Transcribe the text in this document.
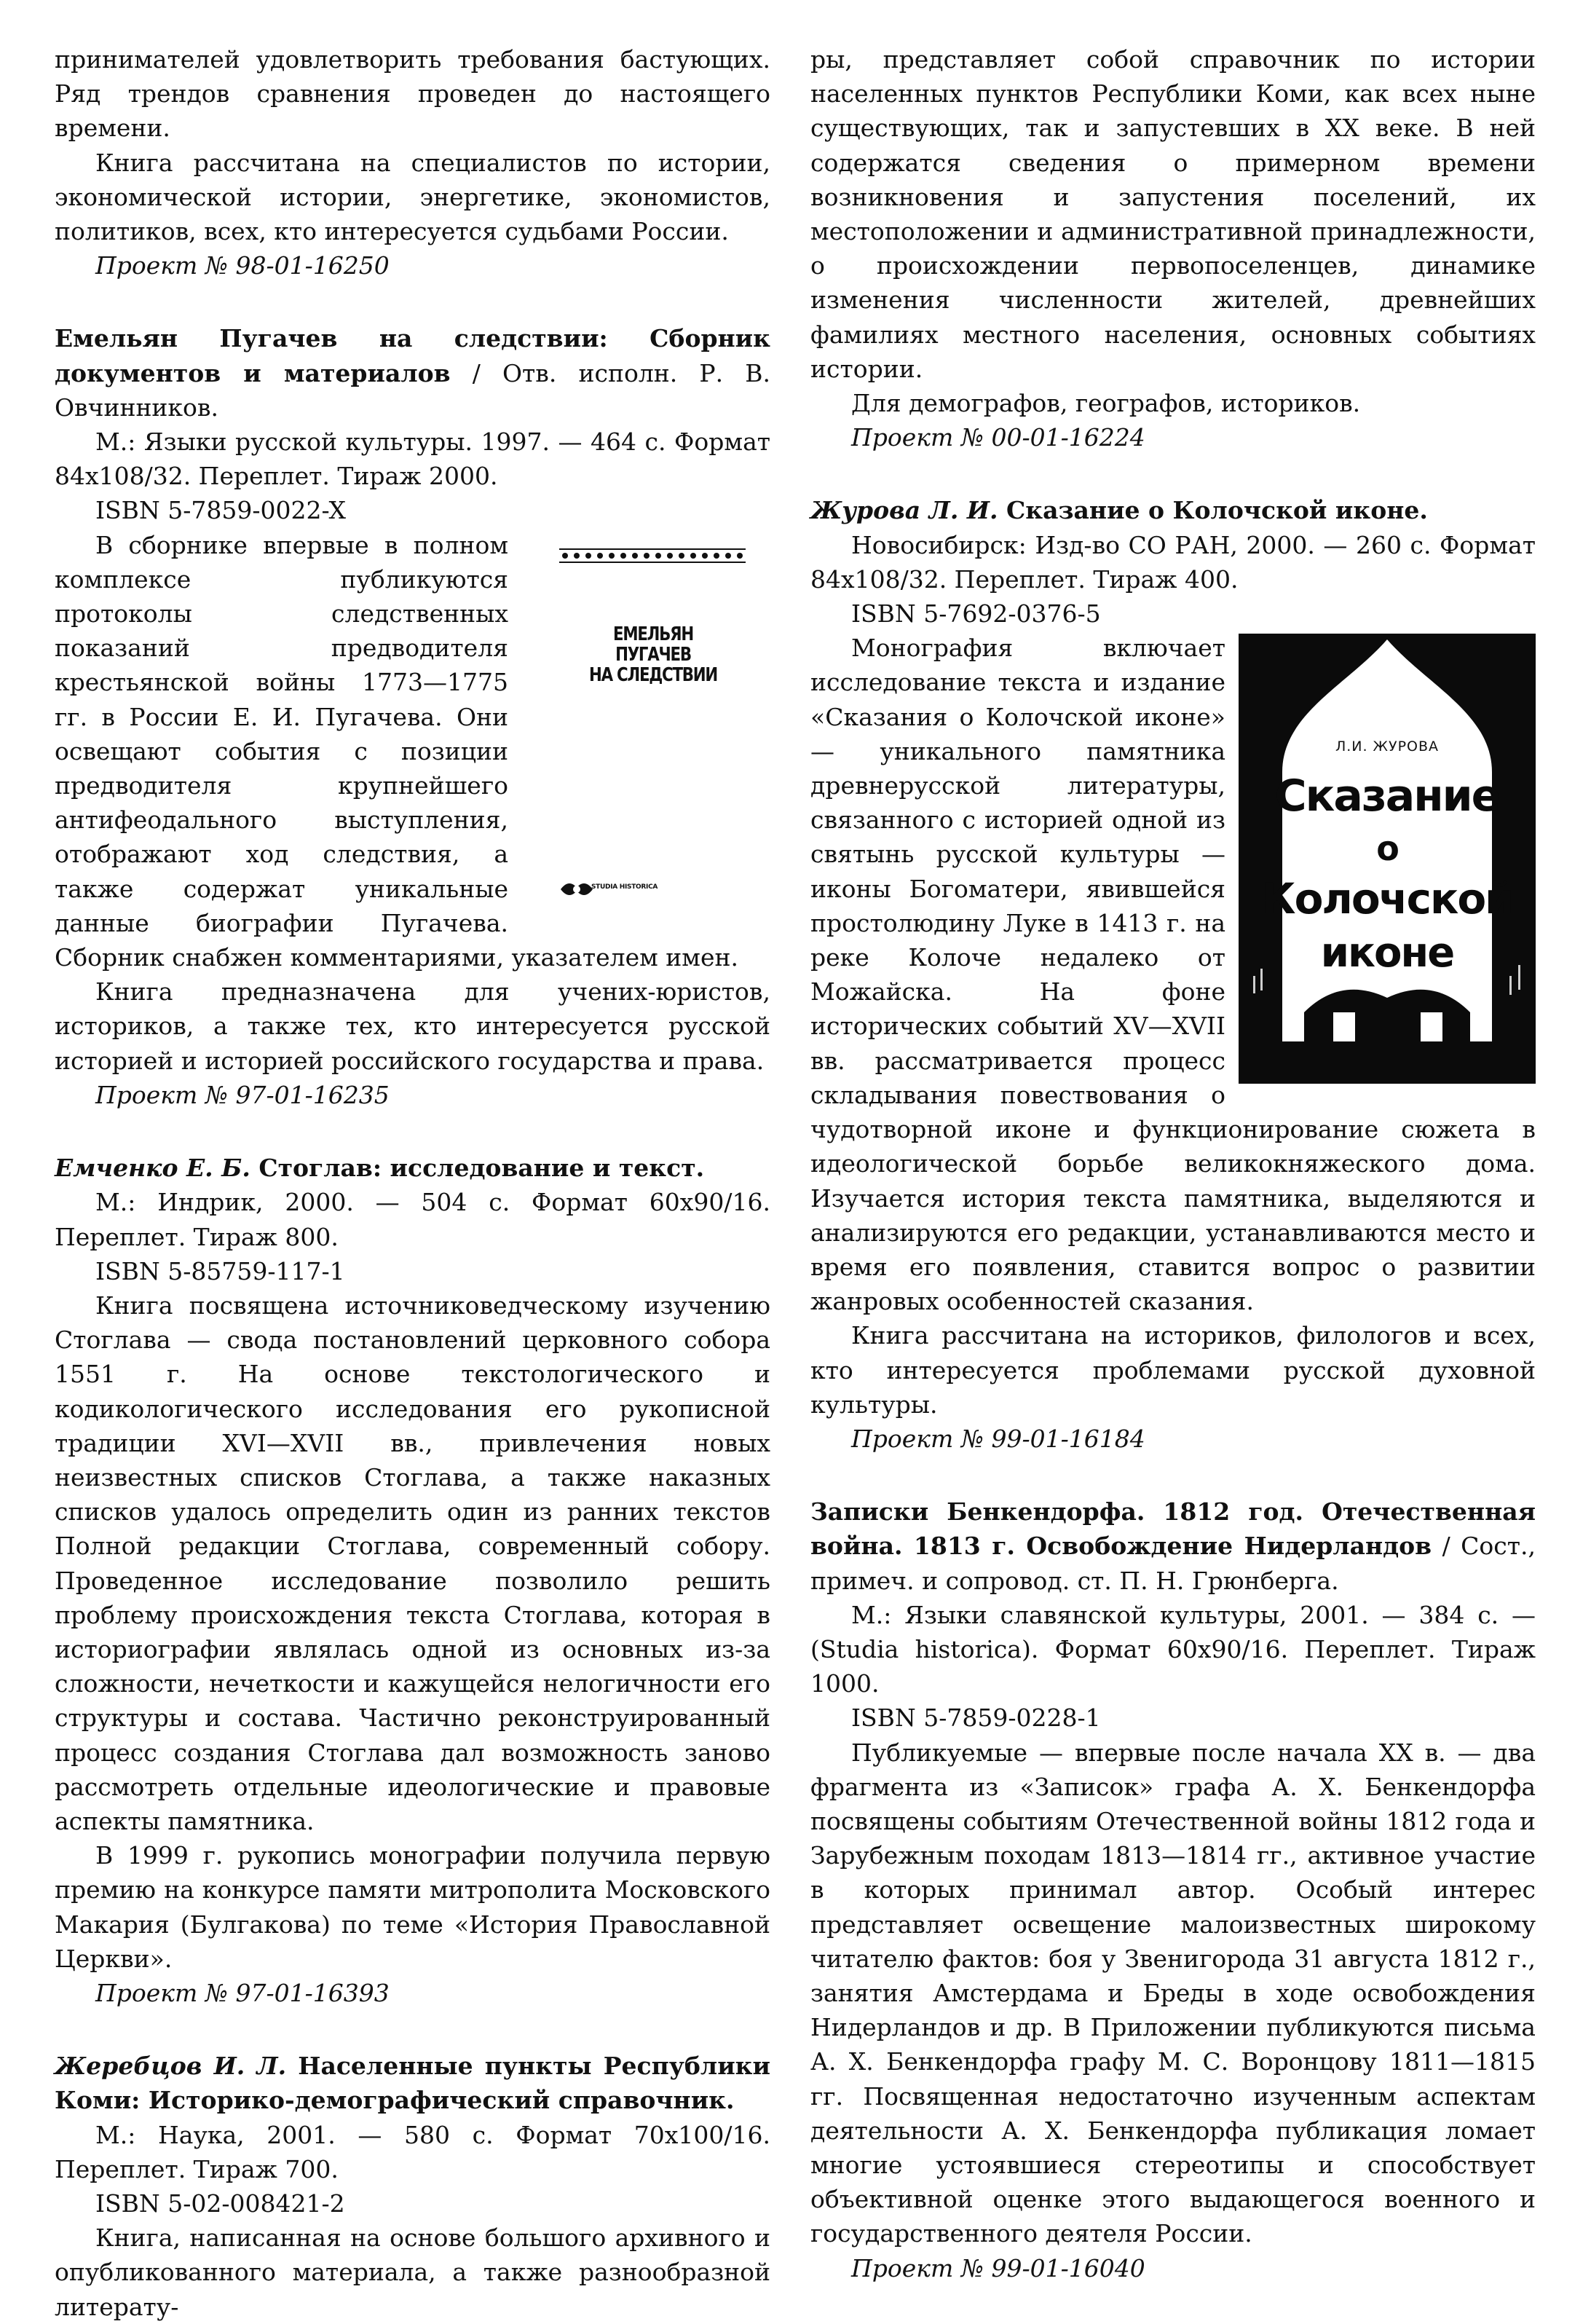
принимателей удовлетворить требования бастующих. Ряд трендов сравнения проведен до настоящего времени.

Книга рассчитана на специалистов по истории, экономической истории, энергетике, экономистов, политиков, всех, кто интересуется судьбами России.

Проект № 98-01-16250

Емельян Пугачев на следствии: Сборник документов и материалов / Отв. исполн. Р. В. Овчинников.

М.: Языки русской культуры. 1997. — 464 с. Формат 84x108/32. Переплет. Тираж 2000.

ISBN 5-7859-0022-X

ЕМЕЛЬЯН
ПУГАЧЕВ
НА СЛЕДСТВИИ
STUDIA HISTORICA

В сборнике впервые в полном комплексе публикуются протоколы следственных показаний предводителя крестьянской войны 1773—1775 гг. в России Е. И. Пугачева. Они освещают события с позиции предводителя крупнейшего антифеодального выступления, отображают ход следствия, а также содержат уникальные данные биографии Пугачева. Сборник снабжен комментариями, указателем имен.

Книга предназначена для учених-юристов, историков, а также тех, кто интересуется русской историей и историей российского государства и права.

Проект № 97-01-16235

Емченко Е. Б. Стоглав: исследование и текст.

М.: Индрик, 2000. — 504 с. Формат 60x90/16. Переплет. Тираж 800.

ISBN 5-85759-117-1

Книга посвящена источниковедческому изучению Стоглава — свода постановлений церковного собора 1551 г. На основе текстологического и кодикологического исследования его рукописной традиции XVI—XVII вв., привлечения новых неизвестных списков Стоглава, а также наказных списков удалось определить один из ранних текстов Полной редакции Стоглава, современный собору. Проведенное исследование позволило решить проблему происхождения текста Стоглава, которая в историографии являлась одной из основных из-за сложности, нечеткости и кажущейся нелогичности его структуры и состава. Частично реконструированный процесс создания Стоглава дал возможность заново рассмотреть отдельные идеологические и правовые аспекты памятника.

В 1999 г. рукопись монографии получила первую премию на конкурсе памяти митрополита Московского Макария (Булгакова) по теме «История Православной Церкви».

Проект № 97-01-16393

Жеребцов И. Л. Населенные пункты Республики Коми: Историко-демографический справочник.

М.: Наука, 2001. — 580 с. Формат 70x100/16. Переплет. Тираж 700.

ISBN 5-02-008421-2

Книга, написанная на основе большого архивного и опубликованного материала, а также разнообразной литерату-

ры, представляет собой справочник по истории населенных пунктов Республики Коми, как всех ныне существующих, так и запустевших в XX веке. В ней содержатся сведения о примерном времени возникновения и запустения поселений, их местоположении и административной принадлежности, о происхождении первопоселенцев, динамике изменения численности жителей, древнейших фамилиях местного населения, основных событиях истории.

Для демографов, географов, историков.

Проект № 00-01-16224

Журова Л. И. Сказание о Колочской иконе.

Новосибирск: Изд-во СО РАН, 2000. — 260 с. Формат 84x108/32. Переплет. Тираж 400.

ISBN 5-7692-0376-5

Л.И. ЖУРОВА
Сказание
о
Колочской
иконе

Монография включает исследование текста и издание «Сказания о Колочской иконе» — уникального памятника древнерусской литературы, связанного с историей одной из святынь русской культуры — иконы Богоматери, явившейся простолюдину Луке в 1413 г. на реке Колоче недалеко от Можайска. На фоне исторических событий XV—XVII вв. рассматривается процесс складывания повествования о чудотворной иконе и функционирование сюжета в идеологической борьбе великокняжеского дома. Изучается история текста памятника, выделяются и анализируются его редакции, устанавливаются место и время его появления, ставится вопрос о развитии жанровых особенностей сказания.

Книга рассчитана на историков, филологов и всех, кто интересуется проблемами русской духовной культуры.

Проект № 99-01-16184

Записки Бенкендорфа. 1812 год. Отечественная война. 1813 г. Освобождение Нидерландов / Сост., примеч. и сопровод. ст. П. Н. Грюнберга.

М.: Языки славянской культуры, 2001. — 384 с. — (Studia historica). Формат 60x90/16. Переплет. Тираж 1000.

ISBN 5-7859-0228-1

Публикуемые — впервые после начала XX в. — два фрагмента из «Записок» графа А. Х. Бенкендорфа посвящены событиям Отечественной войны 1812 года и Зарубежным походам 1813—1814 гг., активное участие в которых принимал автор. Особый интерес представляет освещение малоизвестных широкому читателю фактов: боя у Звенигорода 31 августа 1812 г., занятия Амстердама и Бреды в ходе освобождения Нидерландов и др. В Приложении публикуются письма А. Х. Бенкендорфа графу М. С. Воронцову 1811—1815 гг. Посвященная недостаточно изученным аспектам деятельности А. Х. Бенкендорфа публикация ломает многие устоявшиеся стереотипы и способствует объективной оценке этого выдающегося военного и государственного деятеля России.

Проект № 99-01-16040
